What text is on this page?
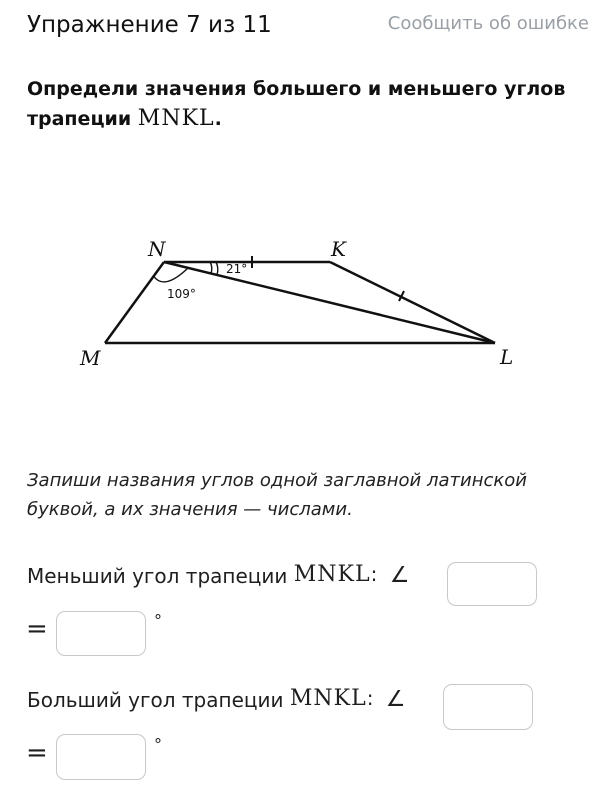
Упражнение 7 из 11	Сообщить об ошибке
Определи значения большего и меньшего углов трапеции MNKL.
N	K
M	L
21°
109°
Запиши названия углов одной заглавной латинской буквой, а их значения — числами.
Меньший угол трапеции MNKL: ∠
=	°
Больший угол трапеции MNKL: ∠
=	°
